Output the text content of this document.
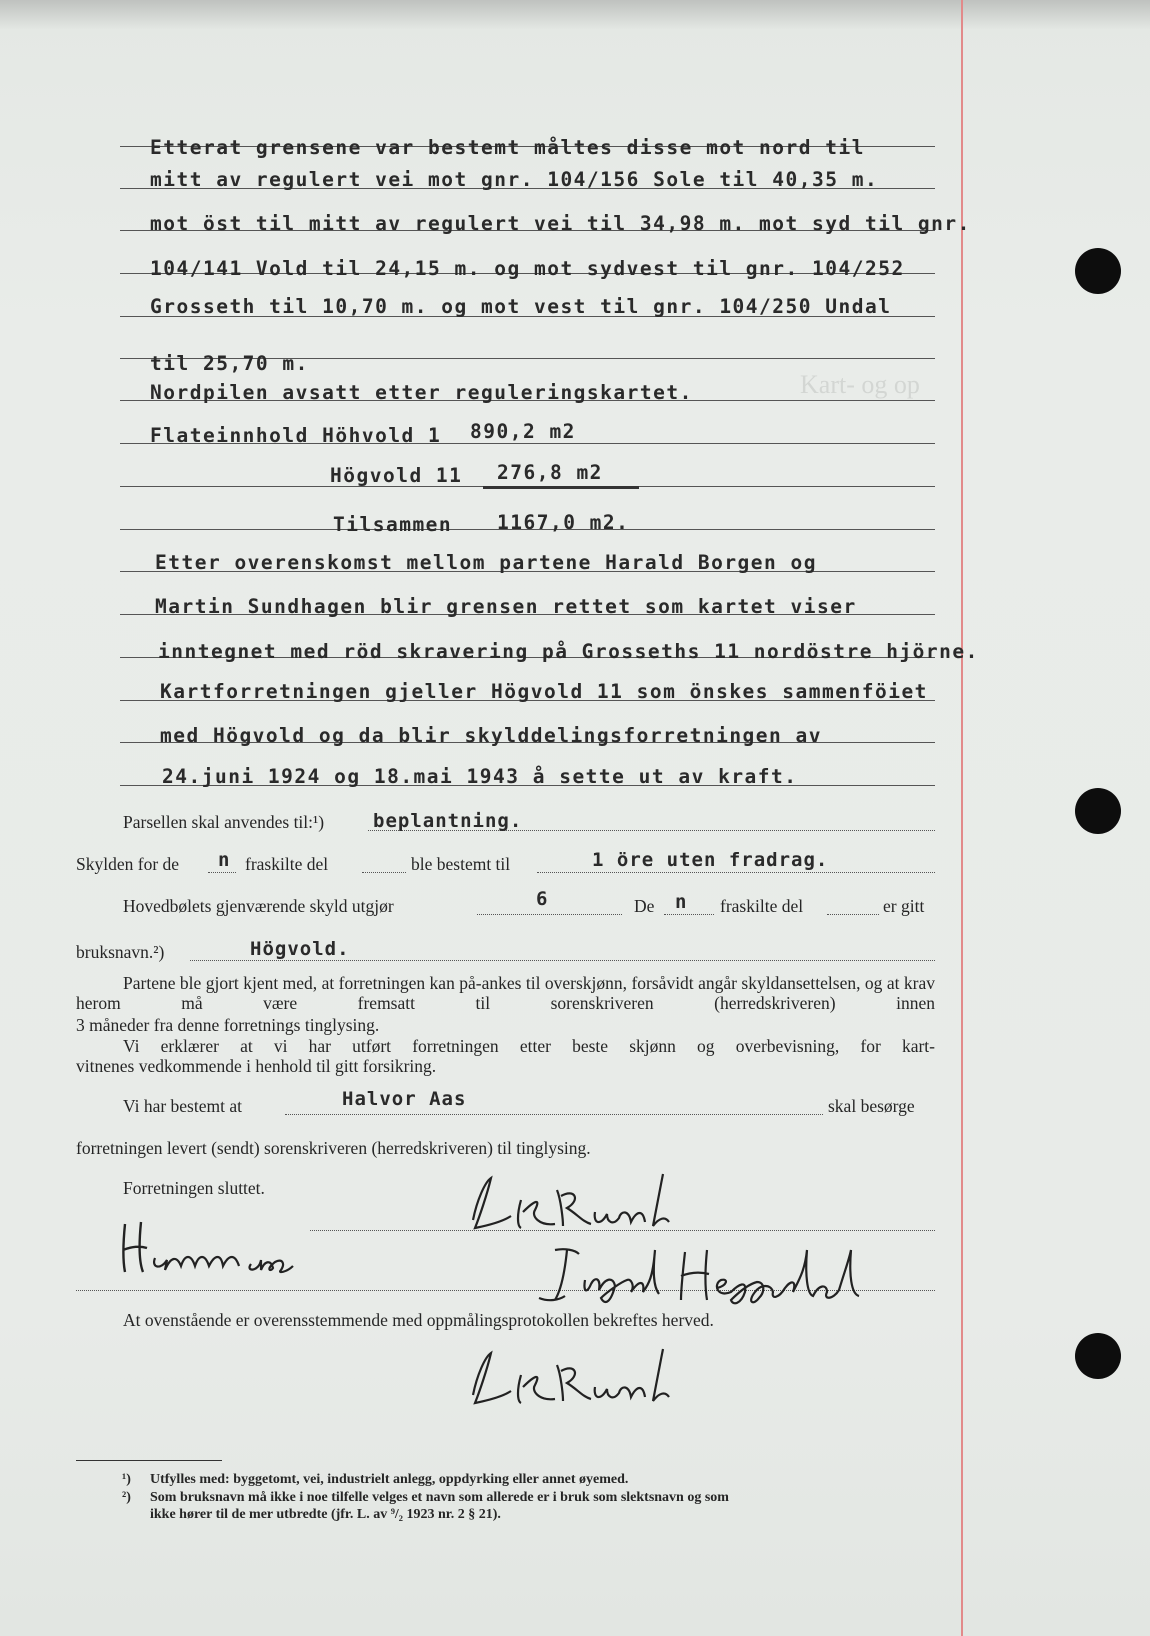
Kart- og op
Etterat grensene var bestemt måltes disse mot nord til
mitt av regulert vei mot gnr. 104/156 Sole til 40,35 m.
mot öst til mitt av regulert vei til 34,98 m. mot syd til gnr.
104/141 Vold til 24,15 m. og mot sydvest til gnr. 104/252
Grosseth til 10,70 m. og mot vest til gnr. 104/250 Undal
til 25,70 m.
Nordpilen avsatt etter reguleringskartet.
Flateinnhold Höhvold 1 890,2 m2
Högvold 11 276,8 m2
Tilsammen 1167,0 m2.
Etter overenskomst mellom partene Harald Borgen og
Martin Sundhagen blir grensen rettet som kartet viser
inntegnet med röd skravering på Grosseths 11 nordöstre hjörne.
Kartforretningen gjeller Högvold 11 som önskes sammenföiet
med Högvold og da blir skylddelingsforretningen av
24.juni 1924 og 18.mai 1943 å sette ut av kraft.
Parsellen skal anvendes til:¹)	beplantning.
Skylden for de n fraskilte del	ble bestemt til	1 öre uten fradrag.
Hovedbølets gjenværende skyld utgjør	6	De n fraskilte del	er gitt
bruksnavn.²)	Högvold.
Partene ble gjort kjent med, at forretningen kan på-ankes til overskjønn, forsåvidt angår skyldansettelsen, og at krav herom må være fremsatt til sorenskriveren (herredskriveren) innen
3 måneder fra denne forretnings tinglysing.
Vi erklærer at vi har utført forretningen etter beste skjønn og overbevisning, for kart-
vitnenes vedkommende i henhold til gitt forsikring.
Vi har bestemt at	Halvor Aas	skal besørge
forretningen levert (sendt) sorenskriveren (herredskriveren) til tinglysing.
Forretningen sluttet.
At ovenstående er overensstemmende med oppmålingsprotokollen bekreftes herved.
¹) Utfylles med: byggetomt, vei, industrielt anlegg, oppdyrking eller annet øyemed.
²) Som bruksnavn må ikke i noe tilfelle velges et navn som allerede er i bruk som slektsnavn og som
ikke hører til de mer utbredte (jfr. L. av ⁹/₂ 1923 nr. 2 § 21).
